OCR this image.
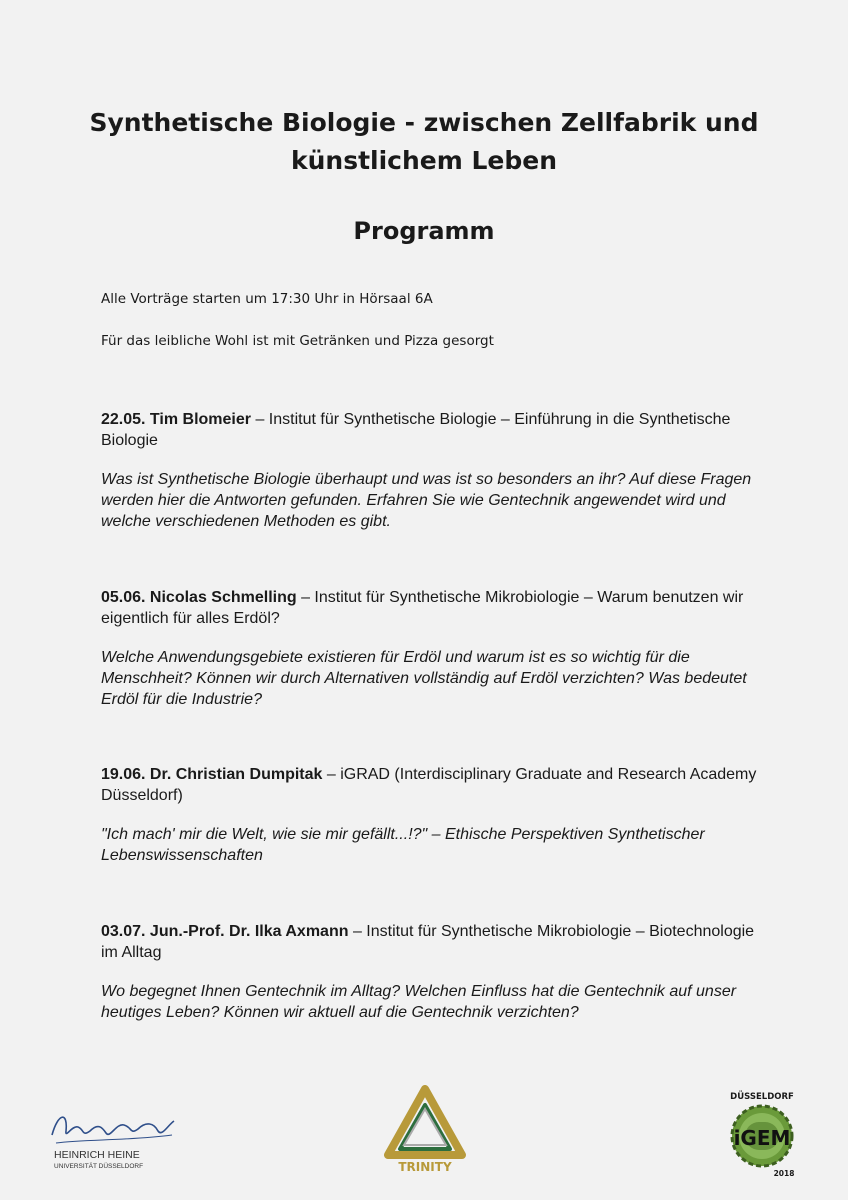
Synthetische Biologie - zwischen Zellfabrik und
künstlichem Leben
Programm

Alle Vorträge starten um 17:30 Uhr in Hörsaal 6A

Für das leibliche Wohl ist mit Getränken und Pizza gesorgt

22.05. Tim Blomeier – Institut für Synthetische Biologie – Einführung in die Synthetische Biologie

Was ist Synthetische Biologie überhaupt und was ist so besonders an ihr? Auf diese Fragen werden hier die Antworten gefunden. Erfahren Sie wie Gentechnik angewendet wird und welche verschiedenen Methoden es gibt.

05.06. Nicolas Schmelling – Institut für Synthetische Mikrobiologie – Warum benutzen wir eigentlich für alles Erdöl?

Welche Anwendungsgebiete existieren für Erdöl und warum ist es so wichtig für die Menschheit? Können wir durch Alternativen vollständig auf Erdöl verzichten? Was bedeutet Erdöl für die Industrie?

19.06. Dr. Christian Dumpitak – iGRAD (Interdisciplinary Graduate and Research Academy Düsseldorf)

"Ich mach' mir die Welt, wie sie mir gefällt...!?" – Ethische Perspektiven Synthetischer Lebenswissenschaften

03.07. Jun.-Prof. Dr. Ilka Axmann – Institut für Synthetische Mikrobiologie – Biotechnologie im Alltag

Wo begegnet Ihnen Gentechnik im Alltag? Welchen Einfluss hat die Gentechnik auf unser heutiges Leben? Können wir aktuell auf die Gentechnik verzichten?

HEINRICH HEINE
UNIVERSITÄT DÜSSELDORF	TRINITY
DÜSSELDORF
iGEM
2018
